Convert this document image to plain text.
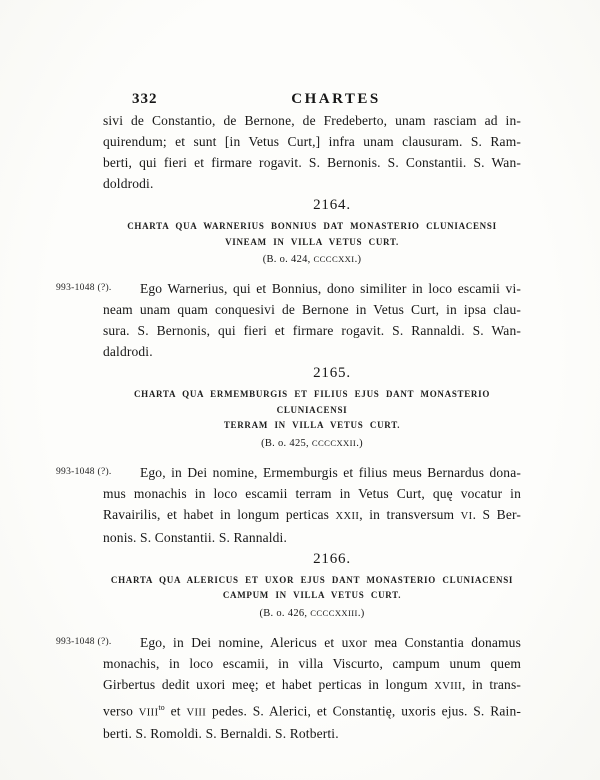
332	CHARTES
sivi de Constantio, de Bernone, de Fredeberto, unam rasciam ad in-
quirendum; et sunt [in Vetus Curt,] infra unam clausuram. S. Ram-
berti, qui fieri et firmare rogavit. S. Bernonis. S. Constantii. S. Wan-
doldrodi.
2164.
CHARTA QUA WARNERIUS BONNIUS DAT MONASTERIO CLUNIACENSI
VINEAM IN VILLA VETUS CURT.
(B. o. 424, CCCCXXI.)
993-1048 (?).	Ego Warnerius, qui et Bonnius, dono similiter in loco escamii vi-
neam unam quam conquesivi de Bernone in Vetus Curt, in ipsa clau-
sura. S. Bernonis, qui fieri et firmare rogavit. S. Rannaldi. S. Wan-
daldrodi.
2165.
CHARTA QUA ERMEMBURGIS ET FILIUS EJUS DANT MONASTERIO CLUNIACENSI
TERRAM IN VILLA VETUS CURT.
(B. o. 425, CCCCXXII.)
993-1048 (?).	Ego, in Dei nomine, Ermemburgis et filius meus Bernardus dona-
mus monachis in loco escamii terram in Vetus Curt, quę vocatur in
Ravairilis, et habet in longum perticas XXII, in transversum VI. S Ber-
nonis. S. Constantii. S. Rannaldi.
2166.
CHARTA QUA ALERICUS ET UXOR EJUS DANT MONASTERIO CLUNIACENSI
CAMPUM IN VILLA VETUS CURT.
(B. o. 426, CCCCXXIII.)
993-1048 (?).	Ego, in Dei nomine, Alericus et uxor mea Constantia donamus
monachis, in loco escamii, in villa Viscurto, campum unum quem
Girbertus dedit uxori meę; et habet perticas in longum XVIII, in trans-
verso $VIII^{to}$ et VIII pedes. S. Alerici, et Constantię, uxoris ejus. S. Rain-
berti. S. Romoldi. S. Bernaldi. S. Rotberti.
